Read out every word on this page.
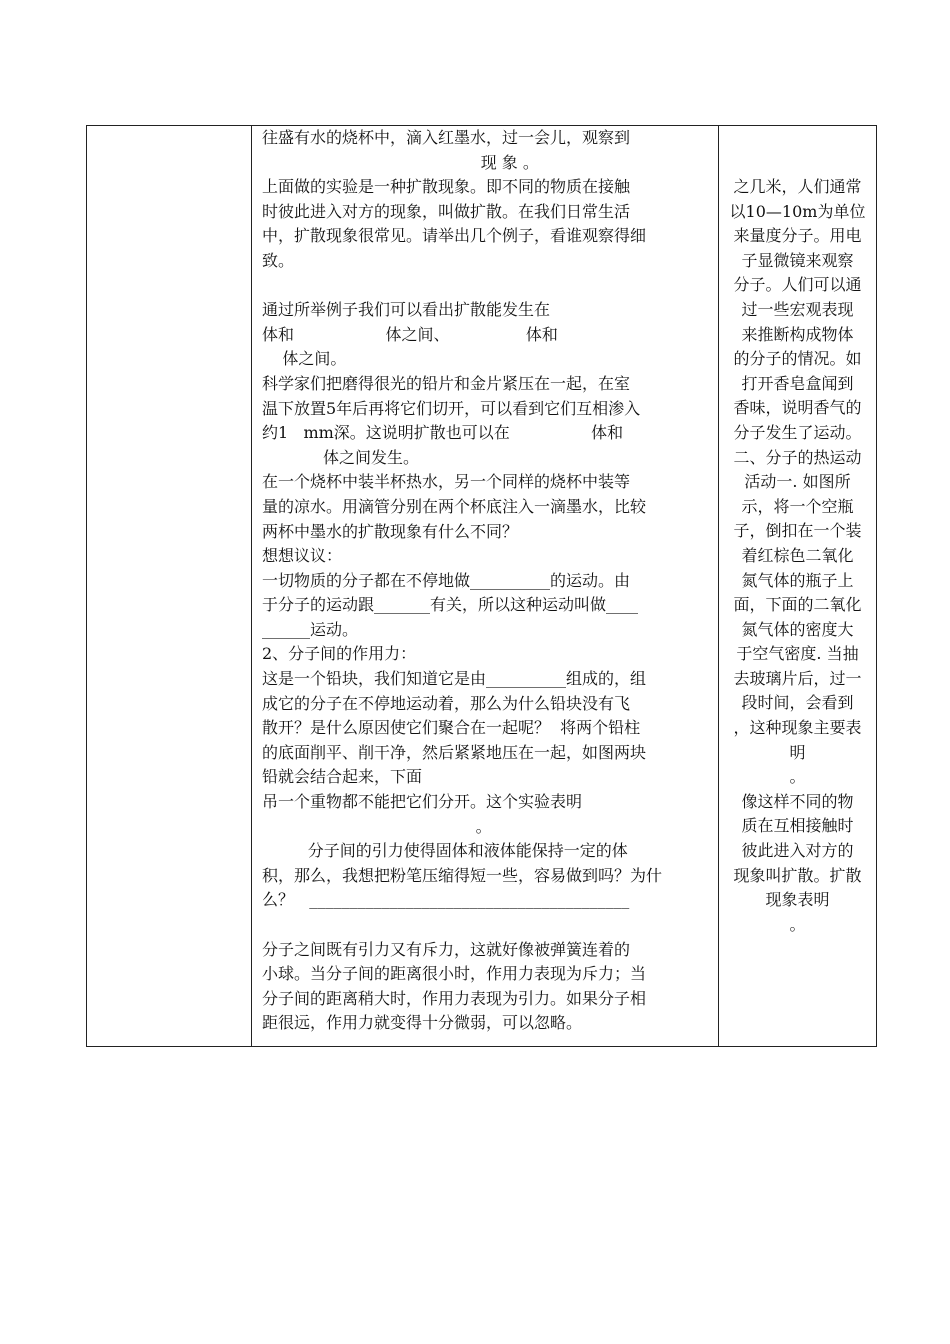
往盛有水的烧杯中，滴入红墨水，过一会儿，观察到
现 象 。
上面做的实验是一种扩散现象。即不同的物质在接触
时彼此进入对方的现象，叫做扩散。在我们日常生活
中，扩散现象很常见。请举出几个例子，看谁观察得细
致。
通过所举例子我们可以看出扩散能发生在
体和                  体之间、               体和
体之间。
科学家们把磨得很光的铅片和金片紧压在一起，在室
温下放置5年后再将它们切开，可以看到它们互相渗入
约1   mm深。这说明扩散也可以在                体和
体之间发生。
在一个烧杯中装半杯热水，另一个同样的烧杯中装等
量的凉水。用滴管分别在两个杯底注入一滴墨水，比较
两杯中墨水的扩散现象有什么不同？
想想议议：
一切物质的分子都在不停地做__________的运动。由
于分子的运动跟_______有关，所以这种运动叫做____
______运动。
2、分子间的作用力：
这是一个铅块，我们知道它是由__________组成的，组
成它的分子在不停地运动着，那么为什么铅块没有飞
散开？是什么原因使它们聚合在一起呢？  将两个铅柱
的底面削平、削干净，然后紧紧地压在一起，如图两块
铅就会结合起来，下面
吊一个重物都不能把它们分开。这个实验表明
。
分子间的引力使得固体和液体能保持一定的体
积，那么，我想把粉笔压缩得短一些，容易做到吗？为什
么？   ________________________________________
分子之间既有引力又有斥力，这就好像被弹簧连着的
小球。当分子间的距离很小时，作用力表现为斥力；当
分子间的距离稍大时，作用力表现为引力。如果分子相
距很远，作用力就变得十分微弱，可以忽略。
之几米，人们通常
以10—10m为单位
来量度分子。用电
子显微镜来观察
分子。人们可以通
过一些宏观表现
来推断构成物体
的分子的情况。如
打开香皂盒闻到
香味，说明香气的
分子发生了运动。
二、分子的热运动
活动一. 如图所
示，将一个空瓶
子，倒扣在一个装
着红棕色二氧化
氮气体的瓶子上
面，下面的二氧化
氮气体的密度大
于空气密度. 当抽
去玻璃片后，过一
段时间，会看到
，这种现象主要表
明
。
像这样不同的物
质在互相接触时
彼此进入对方的
现象叫扩散。扩散
现象表明
。
